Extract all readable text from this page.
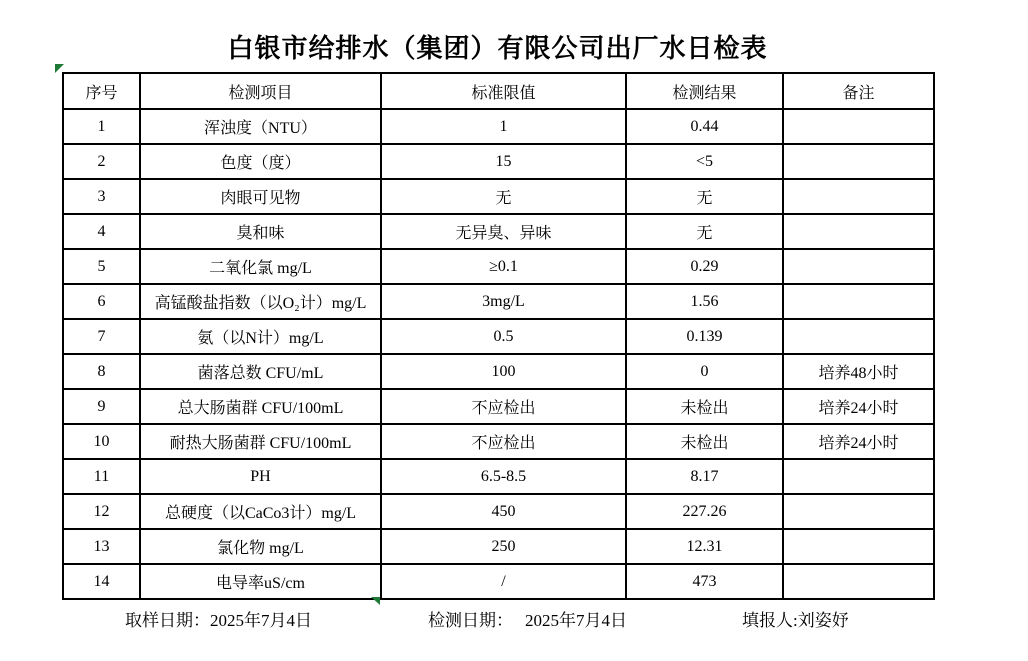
白银市给排水（集团）有限公司出厂水日检表
序号	检测项目	标准限值	检测结果	备注
1	浑浊度（NTU）	1	0.44	
2	色度（度）	15	<5	
3	肉眼可见物	无	无	
4	臭和味	无异臭、异味	无	
5	二氧化氯 mg/L	≥0.1	0.29	
6	高锰酸盐指数（以O₂计）mg/L	3mg/L	1.56	
7	氨（以N计）mg/L	0.5	0.139	
8	菌落总数 CFU/mL	100	0	培养48小时
9	总大肠菌群 CFU/100mL	不应检出	未检出	培养24小时
10	耐热大肠菌群 CFU/100mL	不应检出	未检出	培养24小时
11	PH	6.5-8.5	8.17	
12	总硬度（以CaCo3计）mg/L	450	227.26	
13	氯化物 mg/L	250	12.31	
14	电导率uS/cm	/	473	
取样日期：2025年7月4日	检测日期： 2025年7月4日	填报人:刘姿妤
